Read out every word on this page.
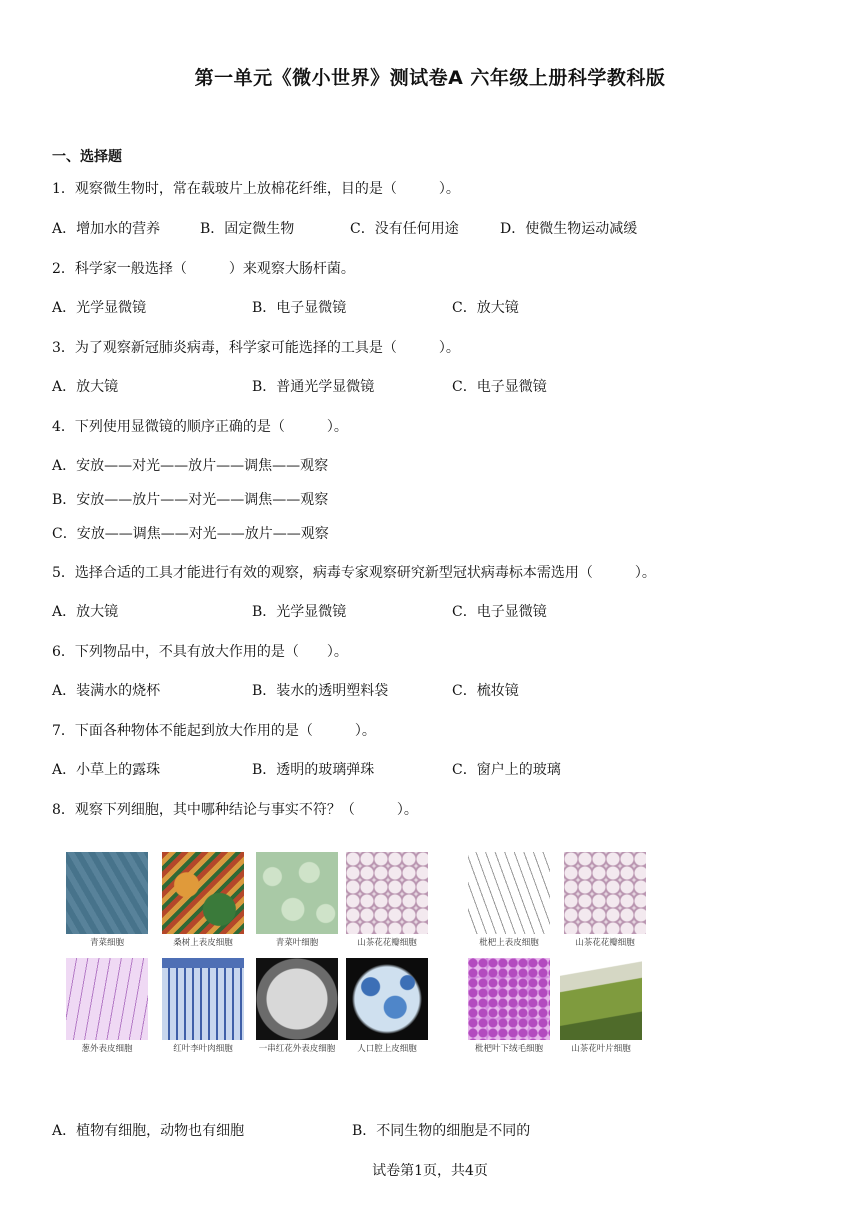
第一单元《微小世界》测试卷A 六年级上册科学教科版
一、选择题
1．观察微生物时，常在载玻片上放棉花纤维，目的是（　　　）。
A．增加水的营养	B．固定微生物	C．没有任何用途	D．使微生物运动减缓
2．科学家一般选择（　　　）来观察大肠杆菌。
A．光学显微镜	B．电子显微镜	C．放大镜
3．为了观察新冠肺炎病毒，科学家可能选择的工具是（　　　）。
A．放大镜	B．普通光学显微镜	C．电子显微镜
4．下列使用显微镜的顺序正确的是（　　　）。
A．安放——对光——放片——调焦——观察
B．安放——放片——对光——调焦——观察
C．安放——调焦——对光——放片——观察
5．选择合适的工具才能进行有效的观察，病毒专家观察研究新型冠状病毒标本需选用（　　　）。
A．放大镜	B．光学显微镜	C．电子显微镜
6．下列物品中，不具有放大作用的是（　　）。
A．装满水的烧杯	B．装水的透明塑料袋	C．梳妆镜
7．下面各种物体不能起到放大作用的是（　　　）。
A．小草上的露珠	B．透明的玻璃弹珠	C．窗户上的玻璃
8．观察下列细胞，其中哪种结论与事实不符？（　　　）。
青菜细胞	桑树上表皮细胞	青菜叶细胞	山茶花花瓣细胞	枇杷上表皮细胞	山茶花花瓣细胞
葱外表皮细胞	红叶李叶肉细胞	一串红花外表皮细胞	人口腔上皮细胞	枇杷叶下绒毛细胞	山茶花叶片细胞
A．植物有细胞，动物也有细胞	B．不同生物的细胞是不同的
试卷第1页，共4页
